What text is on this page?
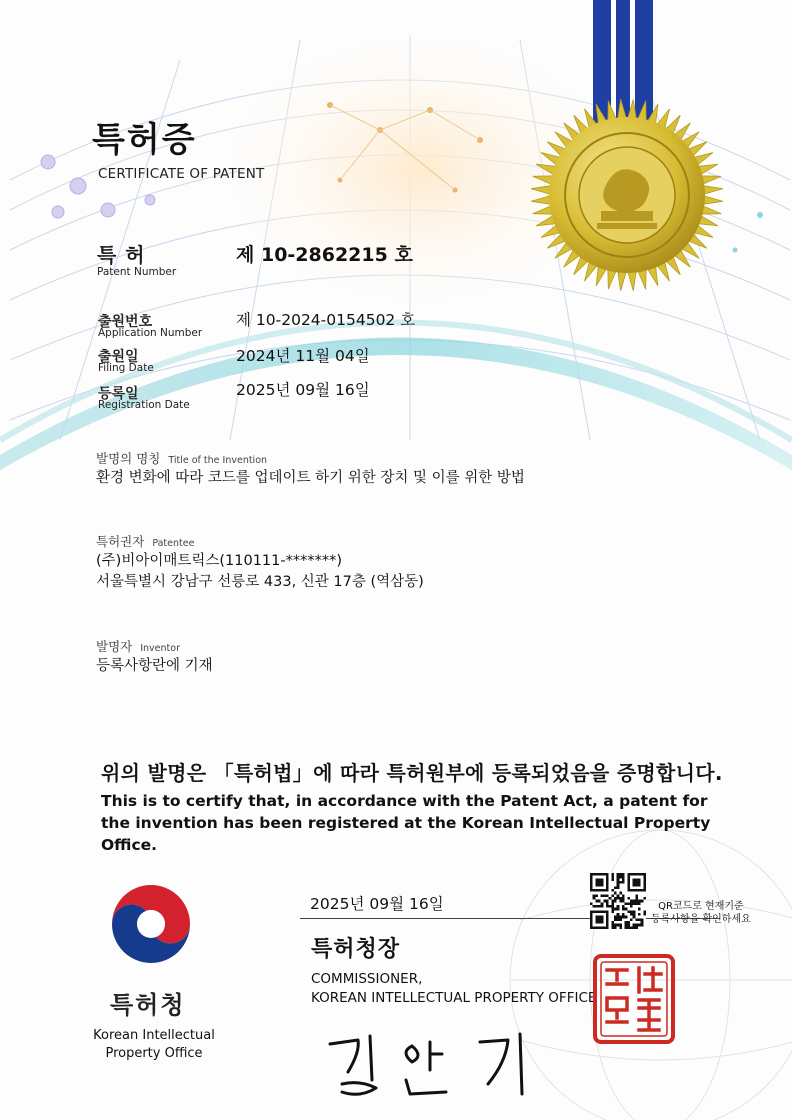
특허증
CERTIFICATE OF PATENT
특 허
Patent Number
제 10-2862215 호
출원번호
Application Number
제 10-2024-0154502 호
출원일
Filing Date
2024년 11월 04일
등록일
Registration Date
2025년 09월 16일
발명의 명칭 Title of the Invention
환경 변화에 따라 코드를 업데이트 하기 위한 장치 및 이를 위한 방법
특허권자 Patentee
(주)비아이매트릭스(110111-*******)
서울특별시 강남구 선릉로 433, 신관 17층 (역삼동)
발명자 Inventor
등록사항란에 기재
위의 발명은 「특허법」에 따라 특허원부에 등록되었음을 증명합니다.
This is to certify that, in accordance with the Patent Act, a patent for the invention has been registered at the Korean Intellectual Property Office.
특허청
Korean Intellectual
Property Office
2025년 09월 16일
특허청장
COMMISSIONER,
KOREAN INTELLECTUAL PROPERTY OFFICE
QR코드로 현재기준
등록사항을 확인하세요
